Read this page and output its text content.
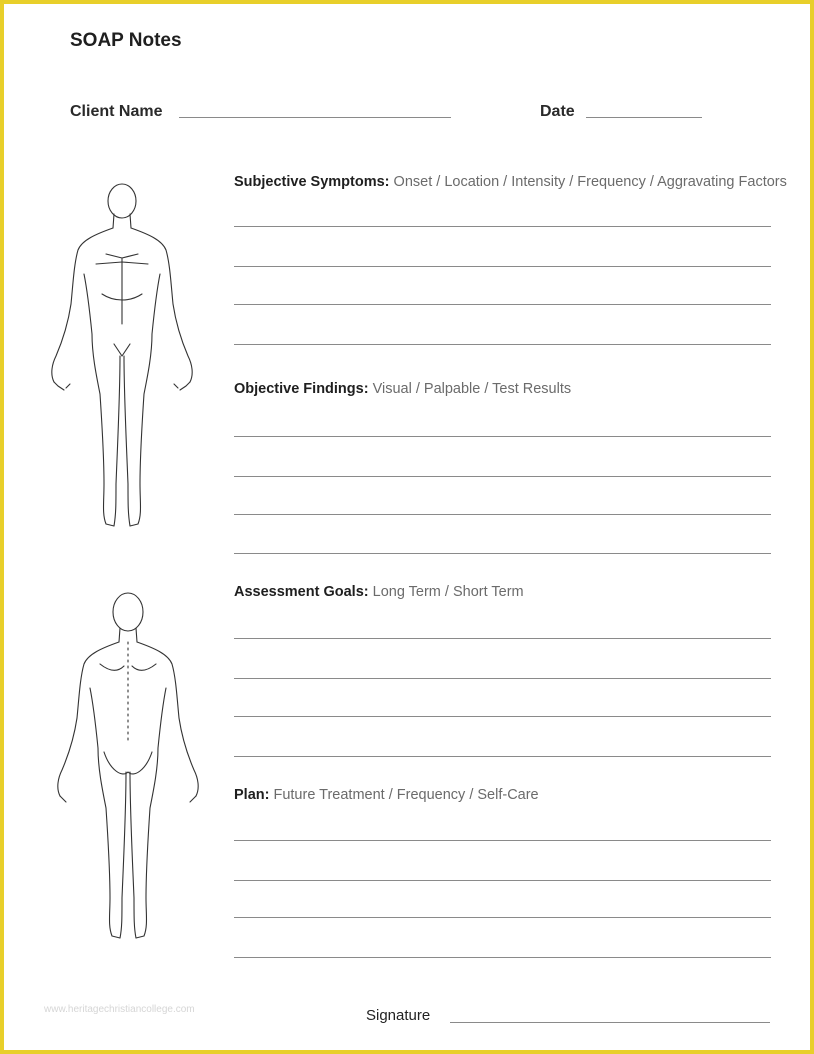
SOAP Notes
Client Name	Date
Subjective Symptoms: Onset / Location / Intensity / Frequency / Aggravating Factors
Objective Findings: Visual / Palpable / Test Results
Assessment Goals: Long Term / Short Term
Plan: Future Treatment / Frequency / Self-Care
www.heritagechristiancollege.com	Signature
